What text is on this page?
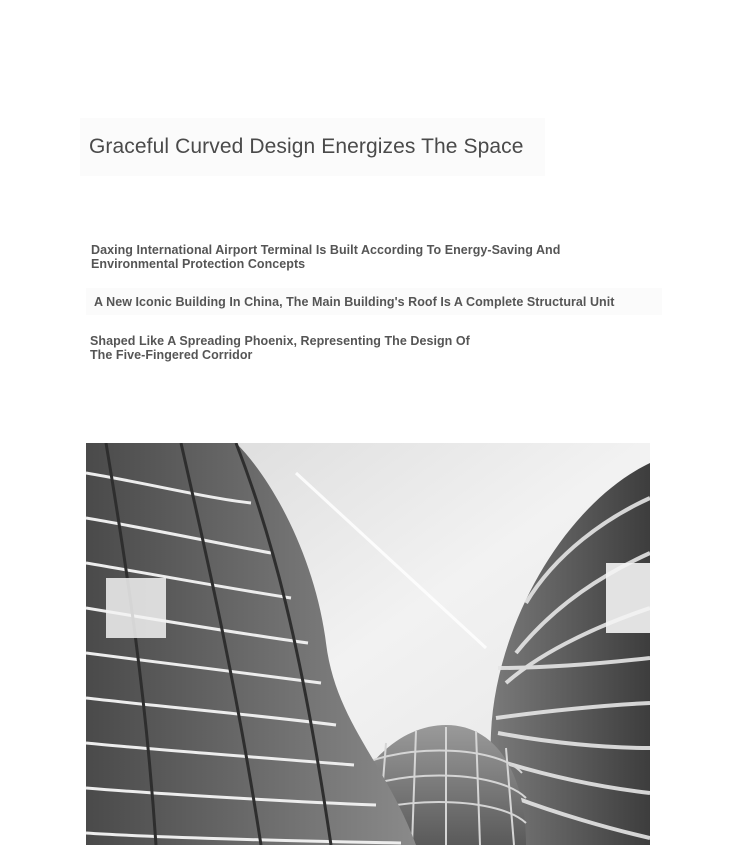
Graceful Curved Design Energizes The Space
Daxing International Airport Terminal Is Built According To Energy-Saving And Environmental Protection Concepts
A New Iconic Building In China, The Main Building's Roof Is A Complete Structural Unit
Shaped Like A Spreading Phoenix, Representing The Design Of
The Five-Fingered Corridor
